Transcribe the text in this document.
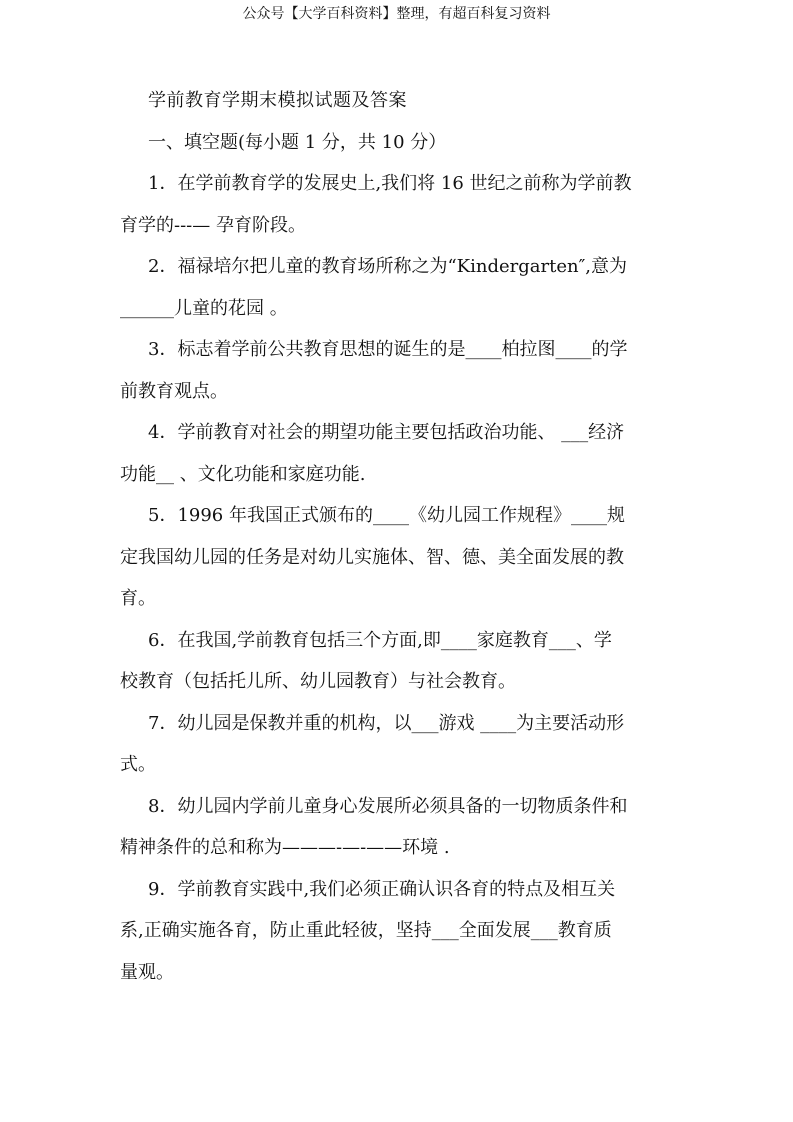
公众号【大学百科资料】整理，有超百科复习资料
学前教育学期末模拟试题及答案
一、填空题(每小题 1 分，共 10 分）
1．在学前教育学的发展史上,我们将 16 世纪之前称为学前教
育学的---— 孕育阶段。
2．福禄培尔把儿童的教育场所称之为“Kindergarten″,意为
______儿童的花园 。
3．标志着学前公共教育思想的诞生的是____柏拉图____的学
前教育观点。
4．学前教育对社会的期望功能主要包括政治功能、 ___经济
功能__ 、文化功能和家庭功能.
5．1996 年我国正式颁布的____《幼儿园工作规程》____规
定我国幼儿园的任务是对幼儿实施体、智、德、美全面发展的教
育。
6．在我国,学前教育包括三个方面,即____家庭教育___、学
校教育（包括托儿所、幼儿园教育）与社会教育。
7．幼儿园是保教并重的机构，以___游戏 ____为主要活动形
式。
8．幼儿园内学前儿童身心发展所必须具备的一切物质条件和
精神条件的总和称为———-—-——环境 .
9．学前教育实践中,我们必须正确认识各育的特点及相互关
系,正确实施各育，防止重此轻彼，坚持___全面发展___教育质
量观。
